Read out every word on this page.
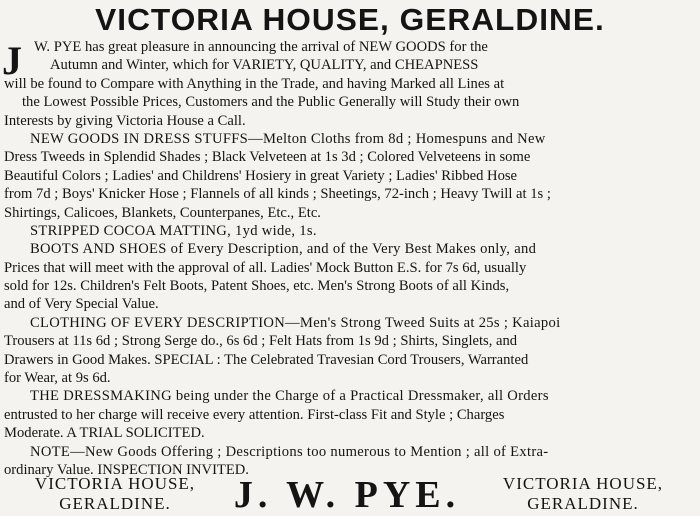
VICTORIA HOUSE, GERALDINE.
J W. PYE has great pleasure in announcing the arrival of NEW GOODS for the
Autumn and Winter, which for VARIETY, QUALITY, and CHEAPNESS
will be found to Compare with Anything in the Trade, and having Marked all Lines at
the Lowest Possible Prices, Customers and the Public Generally will Study their own
Interests by giving Victoria House a Call.
NEW GOODS IN DRESS STUFFS—Melton Cloths from 8d ; Homespuns and New
Dress Tweeds in Splendid Shades ; Black Velveteen at 1s 3d ; Colored Velveteens in some
Beautiful Colors ; Ladies' and Childrens' Hosiery in great Variety ; Ladies' Ribbed Hose
from 7d ; Boys' Knicker Hose ; Flannels of all kinds ; Sheetings, 72-inch ; Heavy Twill at 1s ;
Shirtings, Calicoes, Blankets, Counterpanes, Etc., Etc.
STRIPPED COCOA MATTING, 1yd wide, 1s.
BOOTS AND SHOES of Every Description, and of the Very Best Makes only, and
Prices that will meet with the approval of all. Ladies' Mock Button E.S. for 7s 6d, usually
sold for 12s. Children's Felt Boots, Patent Shoes, etc. Men's Strong Boots of all Kinds,
and of Very Special Value.
CLOTHING OF EVERY DESCRIPTION—Men's Strong Tweed Suits at 25s ; Kaiapoi
Trousers at 11s 6d ; Strong Serge do., 6s 6d ; Felt Hats from 1s 9d ; Shirts, Singlets, and
Drawers in Good Makes. SPECIAL : The Celebrated Travesian Cord Trousers, Warranted
for Wear, at 9s 6d.
THE DRESSMAKING being under the Charge of a Practical Dressmaker, all Orders
entrusted to her charge will receive every attention. First-class Fit and Style ; Charges
Moderate. A TRIAL SOLICITED.
NOTE—New Goods Offering ; Descriptions too numerous to Mention ; all of Extra-
ordinary Value. INSPECTION INVITED.
VICTORIA HOUSE,
GERALDINE.	J. W. PYE.	VICTORIA HOUSE,
GERALDINE.
